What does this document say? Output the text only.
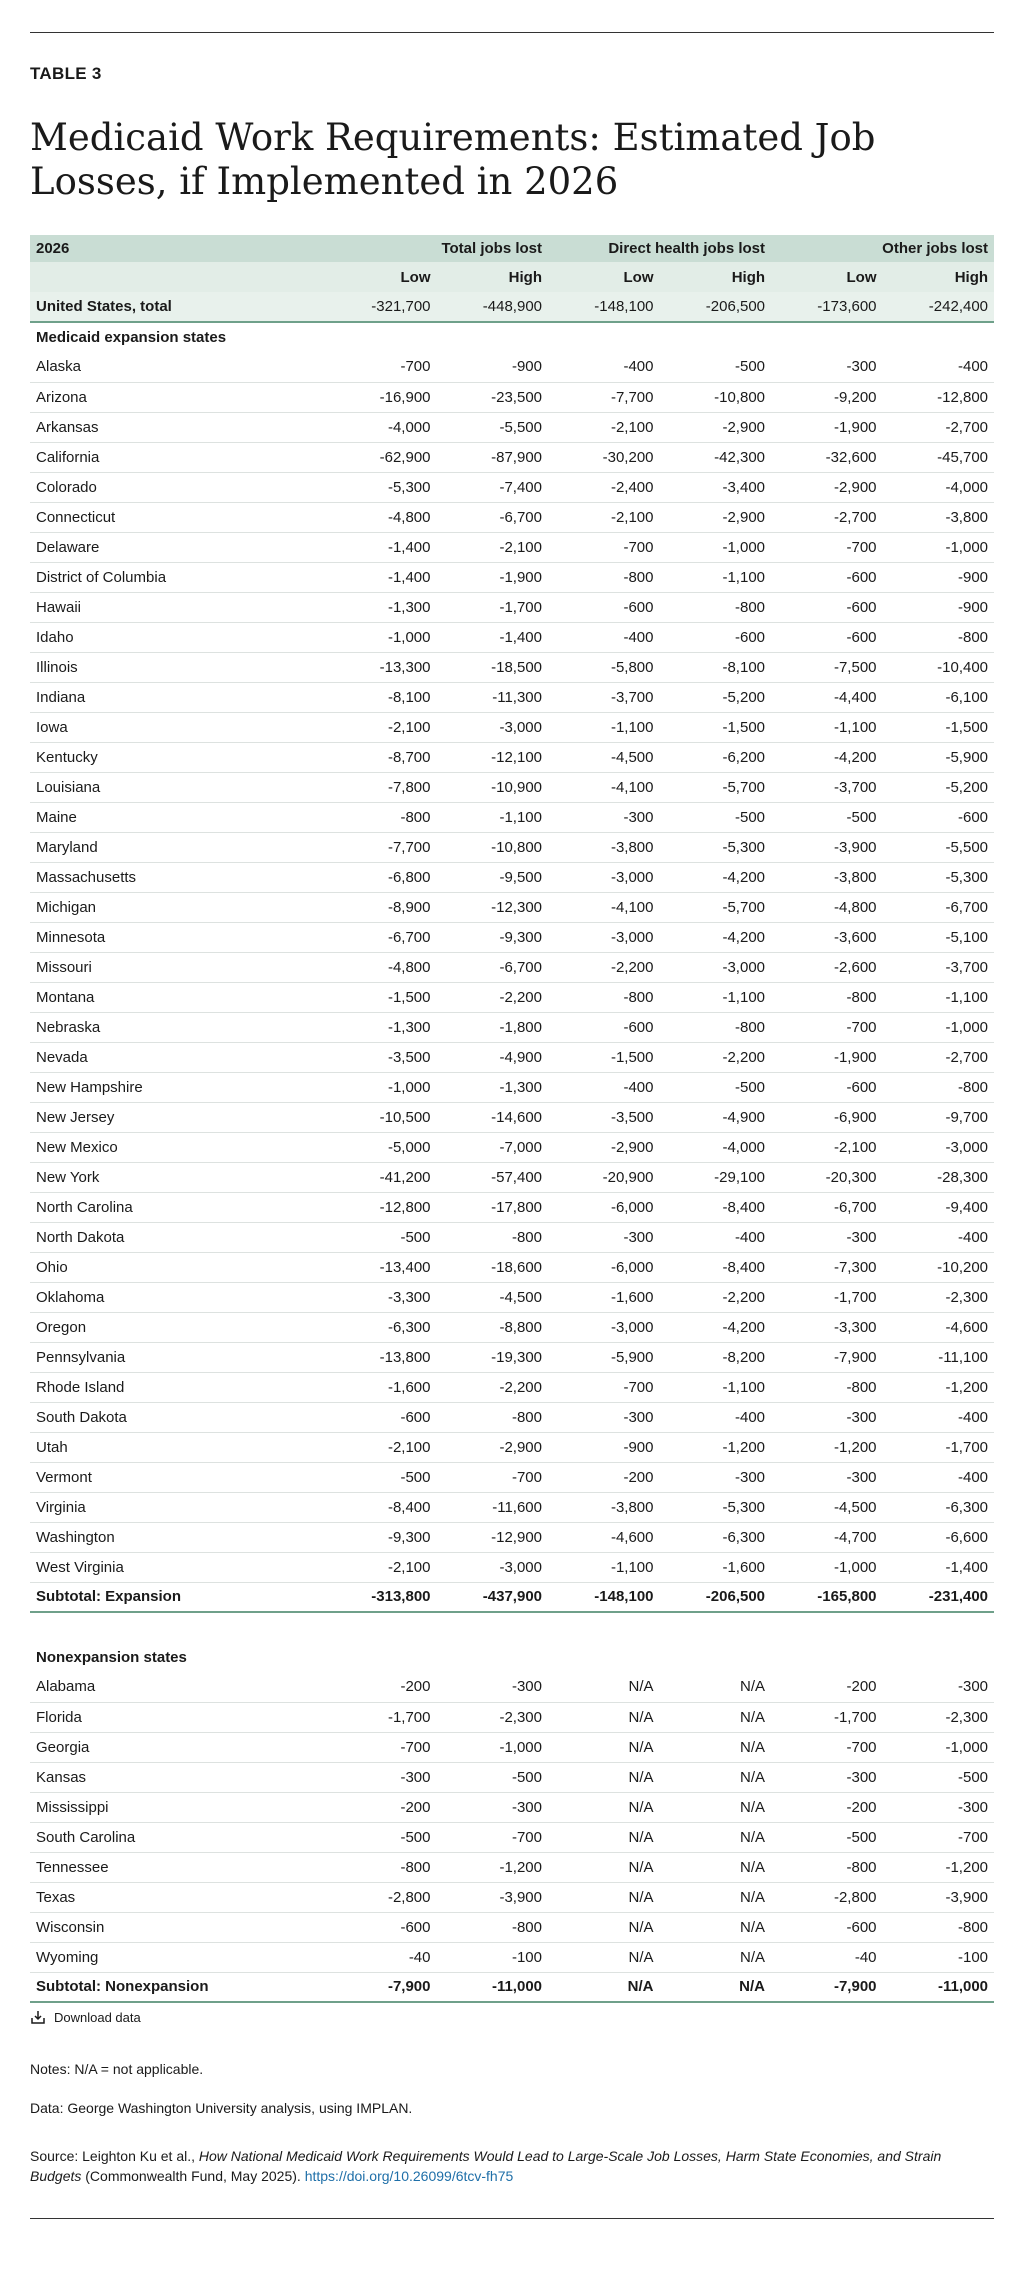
TABLE 3
Medicaid Work Requirements: Estimated Job Losses, if Implemented in 2026
2026	Total jobs lost		Direct health jobs lost		Other jobs lost	
	Low	High	Low	High	Low	High
United States, total	-321,700	-448,900	-148,100	-206,500	-173,600	-242,400
Medicaid expansion states						
Alaska	-700	-900	-400	-500	-300	-400
Arizona	-16,900	-23,500	-7,700	-10,800	-9,200	-12,800
Arkansas	-4,000	-5,500	-2,100	-2,900	-1,900	-2,700
California	-62,900	-87,900	-30,200	-42,300	-32,600	-45,700
Colorado	-5,300	-7,400	-2,400	-3,400	-2,900	-4,000
Connecticut	-4,800	-6,700	-2,100	-2,900	-2,700	-3,800
Delaware	-1,400	-2,100	-700	-1,000	-700	-1,000
District of Columbia	-1,400	-1,900	-800	-1,100	-600	-900
Hawaii	-1,300	-1,700	-600	-800	-600	-900
Idaho	-1,000	-1,400	-400	-600	-600	-800
Illinois	-13,300	-18,500	-5,800	-8,100	-7,500	-10,400
Indiana	-8,100	-11,300	-3,700	-5,200	-4,400	-6,100
Iowa	-2,100	-3,000	-1,100	-1,500	-1,100	-1,500
Kentucky	-8,700	-12,100	-4,500	-6,200	-4,200	-5,900
Louisiana	-7,800	-10,900	-4,100	-5,700	-3,700	-5,200
Maine	-800	-1,100	-300	-500	-500	-600
Maryland	-7,700	-10,800	-3,800	-5,300	-3,900	-5,500
Massachusetts	-6,800	-9,500	-3,000	-4,200	-3,800	-5,300
Michigan	-8,900	-12,300	-4,100	-5,700	-4,800	-6,700
Minnesota	-6,700	-9,300	-3,000	-4,200	-3,600	-5,100
Missouri	-4,800	-6,700	-2,200	-3,000	-2,600	-3,700
Montana	-1,500	-2,200	-800	-1,100	-800	-1,100
Nebraska	-1,300	-1,800	-600	-800	-700	-1,000
Nevada	-3,500	-4,900	-1,500	-2,200	-1,900	-2,700
New Hampshire	-1,000	-1,300	-400	-500	-600	-800
New Jersey	-10,500	-14,600	-3,500	-4,900	-6,900	-9,700
New Mexico	-5,000	-7,000	-2,900	-4,000	-2,100	-3,000
New York	-41,200	-57,400	-20,900	-29,100	-20,300	-28,300
North Carolina	-12,800	-17,800	-6,000	-8,400	-6,700	-9,400
North Dakota	-500	-800	-300	-400	-300	-400
Ohio	-13,400	-18,600	-6,000	-8,400	-7,300	-10,200
Oklahoma	-3,300	-4,500	-1,600	-2,200	-1,700	-2,300
Oregon	-6,300	-8,800	-3,000	-4,200	-3,300	-4,600
Pennsylvania	-13,800	-19,300	-5,900	-8,200	-7,900	-11,100
Rhode Island	-1,600	-2,200	-700	-1,100	-800	-1,200
South Dakota	-600	-800	-300	-400	-300	-400
Utah	-2,100	-2,900	-900	-1,200	-1,200	-1,700
Vermont	-500	-700	-200	-300	-300	-400
Virginia	-8,400	-11,600	-3,800	-5,300	-4,500	-6,300
Washington	-9,300	-12,900	-4,600	-6,300	-4,700	-6,600
West Virginia	-2,100	-3,000	-1,100	-1,600	-1,000	-1,400
Subtotal: Expansion	-313,800	-437,900	-148,100	-206,500	-165,800	-231,400

Nonexpansion states						
Alabama	-200	-300	N/A	N/A	-200	-300
Florida	-1,700	-2,300	N/A	N/A	-1,700	-2,300
Georgia	-700	-1,000	N/A	N/A	-700	-1,000
Kansas	-300	-500	N/A	N/A	-300	-500
Mississippi	-200	-300	N/A	N/A	-200	-300
South Carolina	-500	-700	N/A	N/A	-500	-700
Tennessee	-800	-1,200	N/A	N/A	-800	-1,200
Texas	-2,800	-3,900	N/A	N/A	-2,800	-3,900
Wisconsin	-600	-800	N/A	N/A	-600	-800
Wyoming	-40	-100	N/A	N/A	-40	-100
Subtotal: Nonexpansion	-7,900	-11,000	N/A	N/A	-7,900	-11,000
Download data
Notes: N/A = not applicable.
Data: George Washington University analysis, using IMPLAN.
Source: Leighton Ku et al., How National Medicaid Work Requirements Would Lead to Large-Scale Job Losses, Harm State Economies, and Strain Budgets (Commonwealth Fund, May 2025). https://doi.org/10.26099/6tcv-fh75
